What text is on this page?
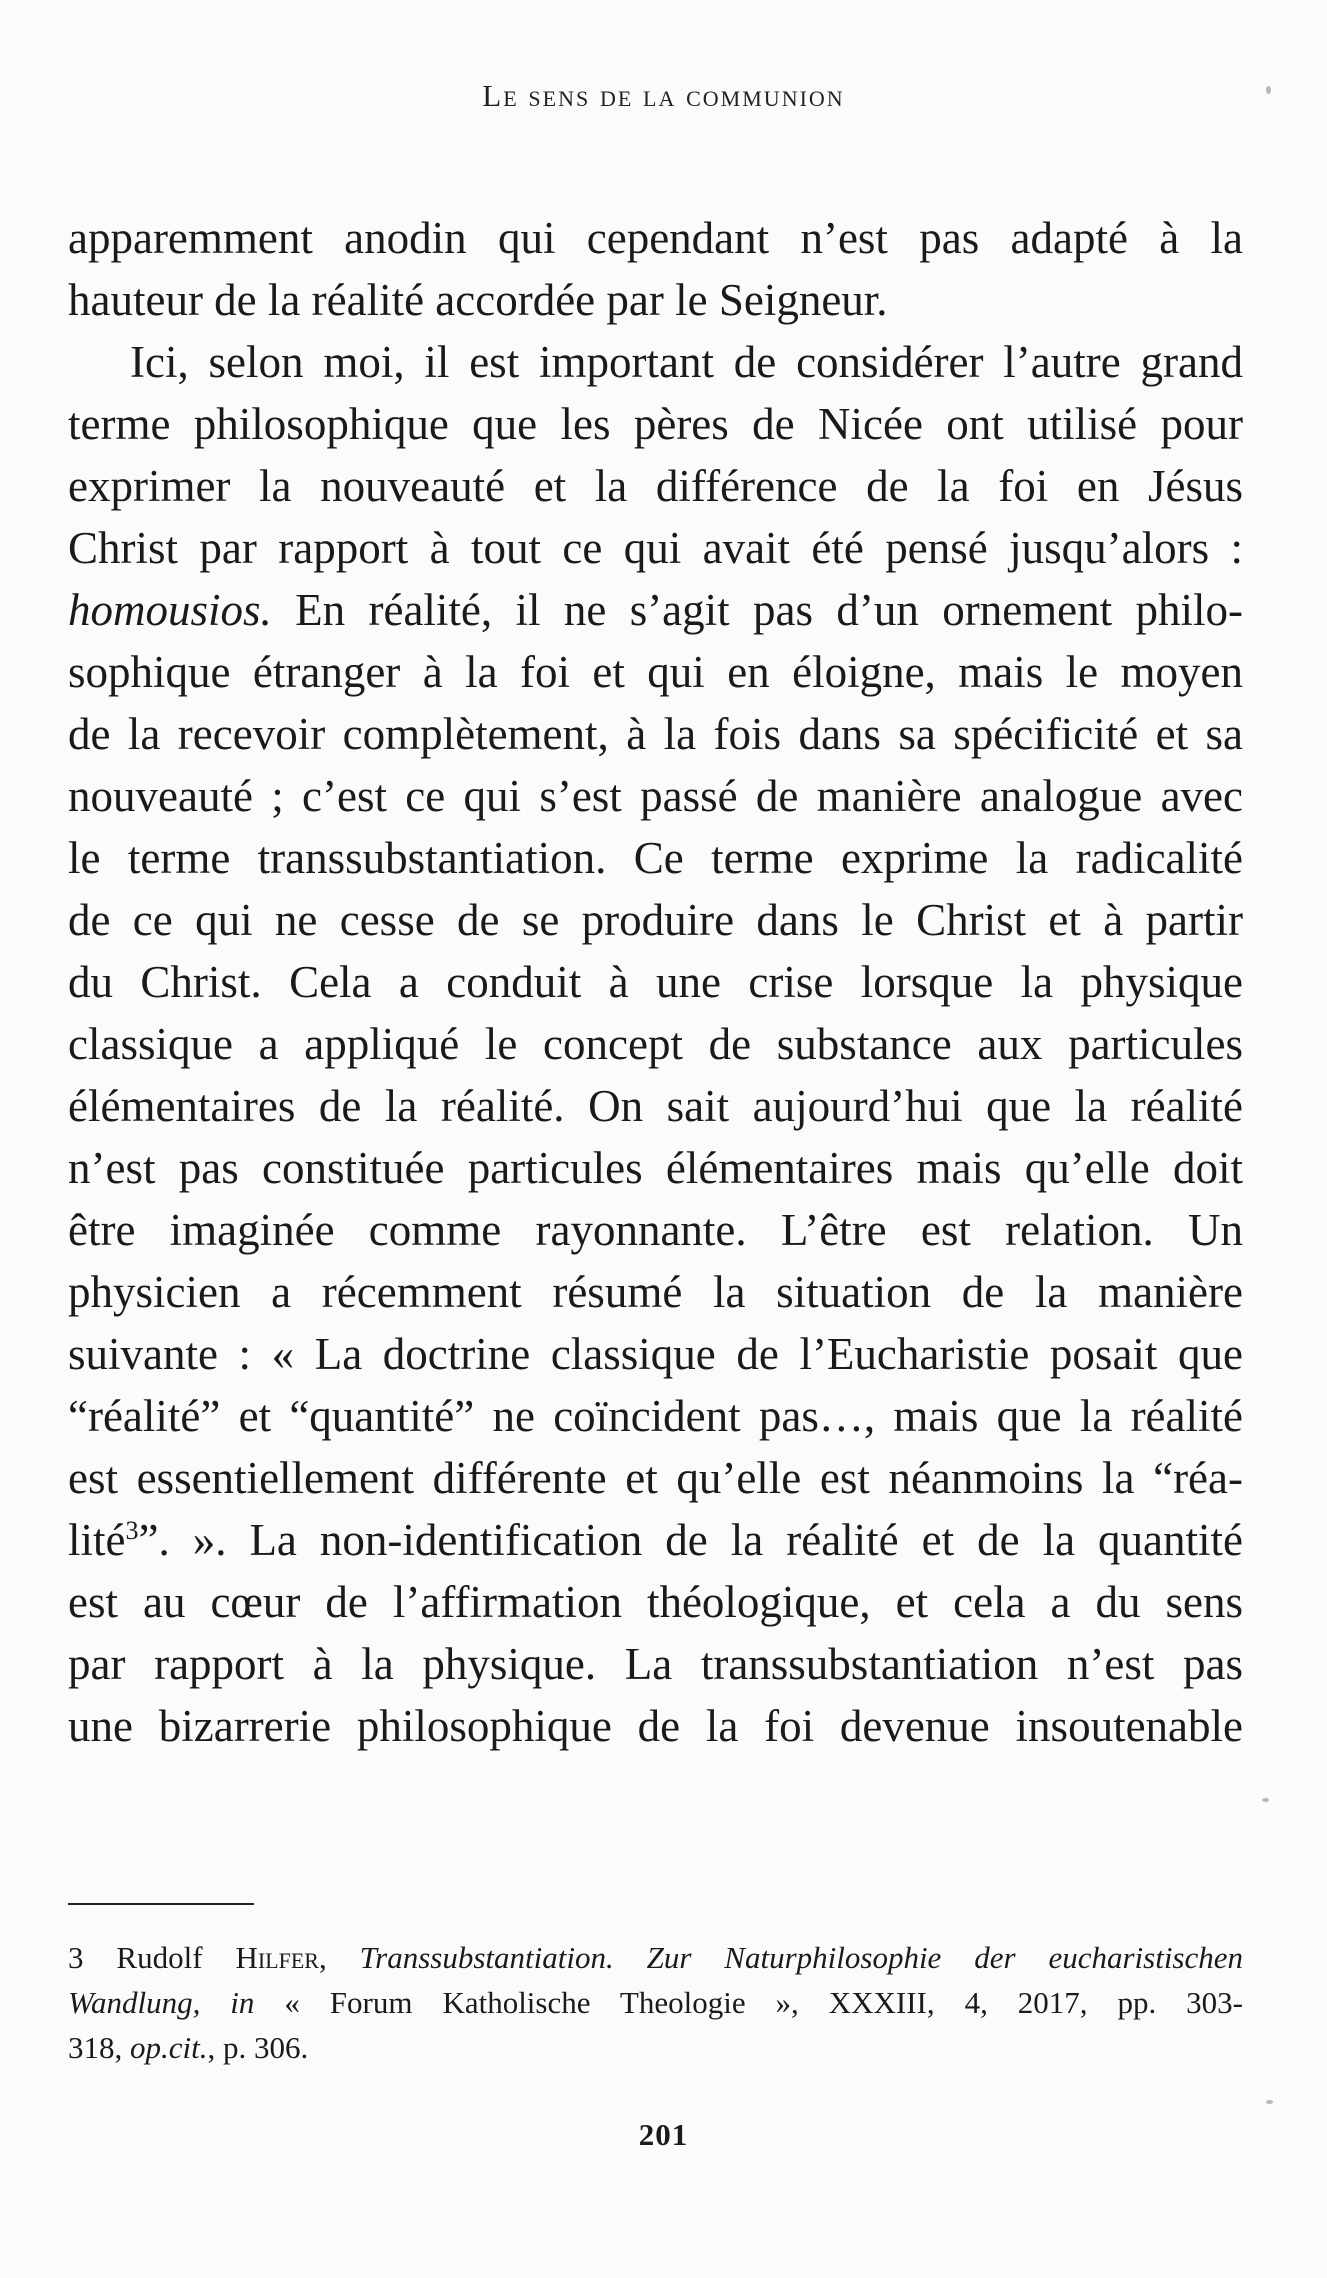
Le sens de la communion
apparemment anodin qui cependant n’est pas adapté à la
hauteur de la réalité accordée par le Seigneur.
Ici, selon moi, il est important de considérer l’autre grand
terme philosophique que les pères de Nicée ont utilisé pour
exprimer la nouveauté et la différence de la foi en Jésus
Christ par rapport à tout ce qui avait été pensé jusqu’alors :
homousios. En réalité, il ne s’agit pas d’un ornement philo-
sophique étranger à la foi et qui en éloigne, mais le moyen
de la recevoir complètement, à la fois dans sa spécificité et sa
nouveauté ; c’est ce qui s’est passé de manière analogue avec
le terme transsubstantiation. Ce terme exprime la radicalité
de ce qui ne cesse de se produire dans le Christ et à partir
du Christ. Cela a conduit à une crise lorsque la physique
classique a appliqué le concept de substance aux particules
élémentaires de la réalité. On sait aujourd’hui que la réalité
n’est pas constituée particules élémentaires mais qu’elle doit
être imaginée comme rayonnante. L’être est relation. Un
physicien a récemment résumé la situation de la manière
suivante : « La doctrine classique de l’Eucharistie posait que
“réalité” et “quantité” ne coïncident pas…, mais que la réalité
est essentiellement différente et qu’elle est néanmoins la “réa-
lité$^3$”. ». La non-identification de la réalité et de la quantité
est au cœur de l’affirmation théologique, et cela a du sens
par rapport à la physique. La transsubstantiation n’est pas
une bizarrerie philosophique de la foi devenue insoutenable
3 Rudolf Hilfer, Transsubstantiation. Zur Naturphilosophie der eucharistischen
Wandlung, in « Forum Katholische Theologie », XXXIII, 4, 2017, pp. 303-
318, op.cit., p. 306.
201
